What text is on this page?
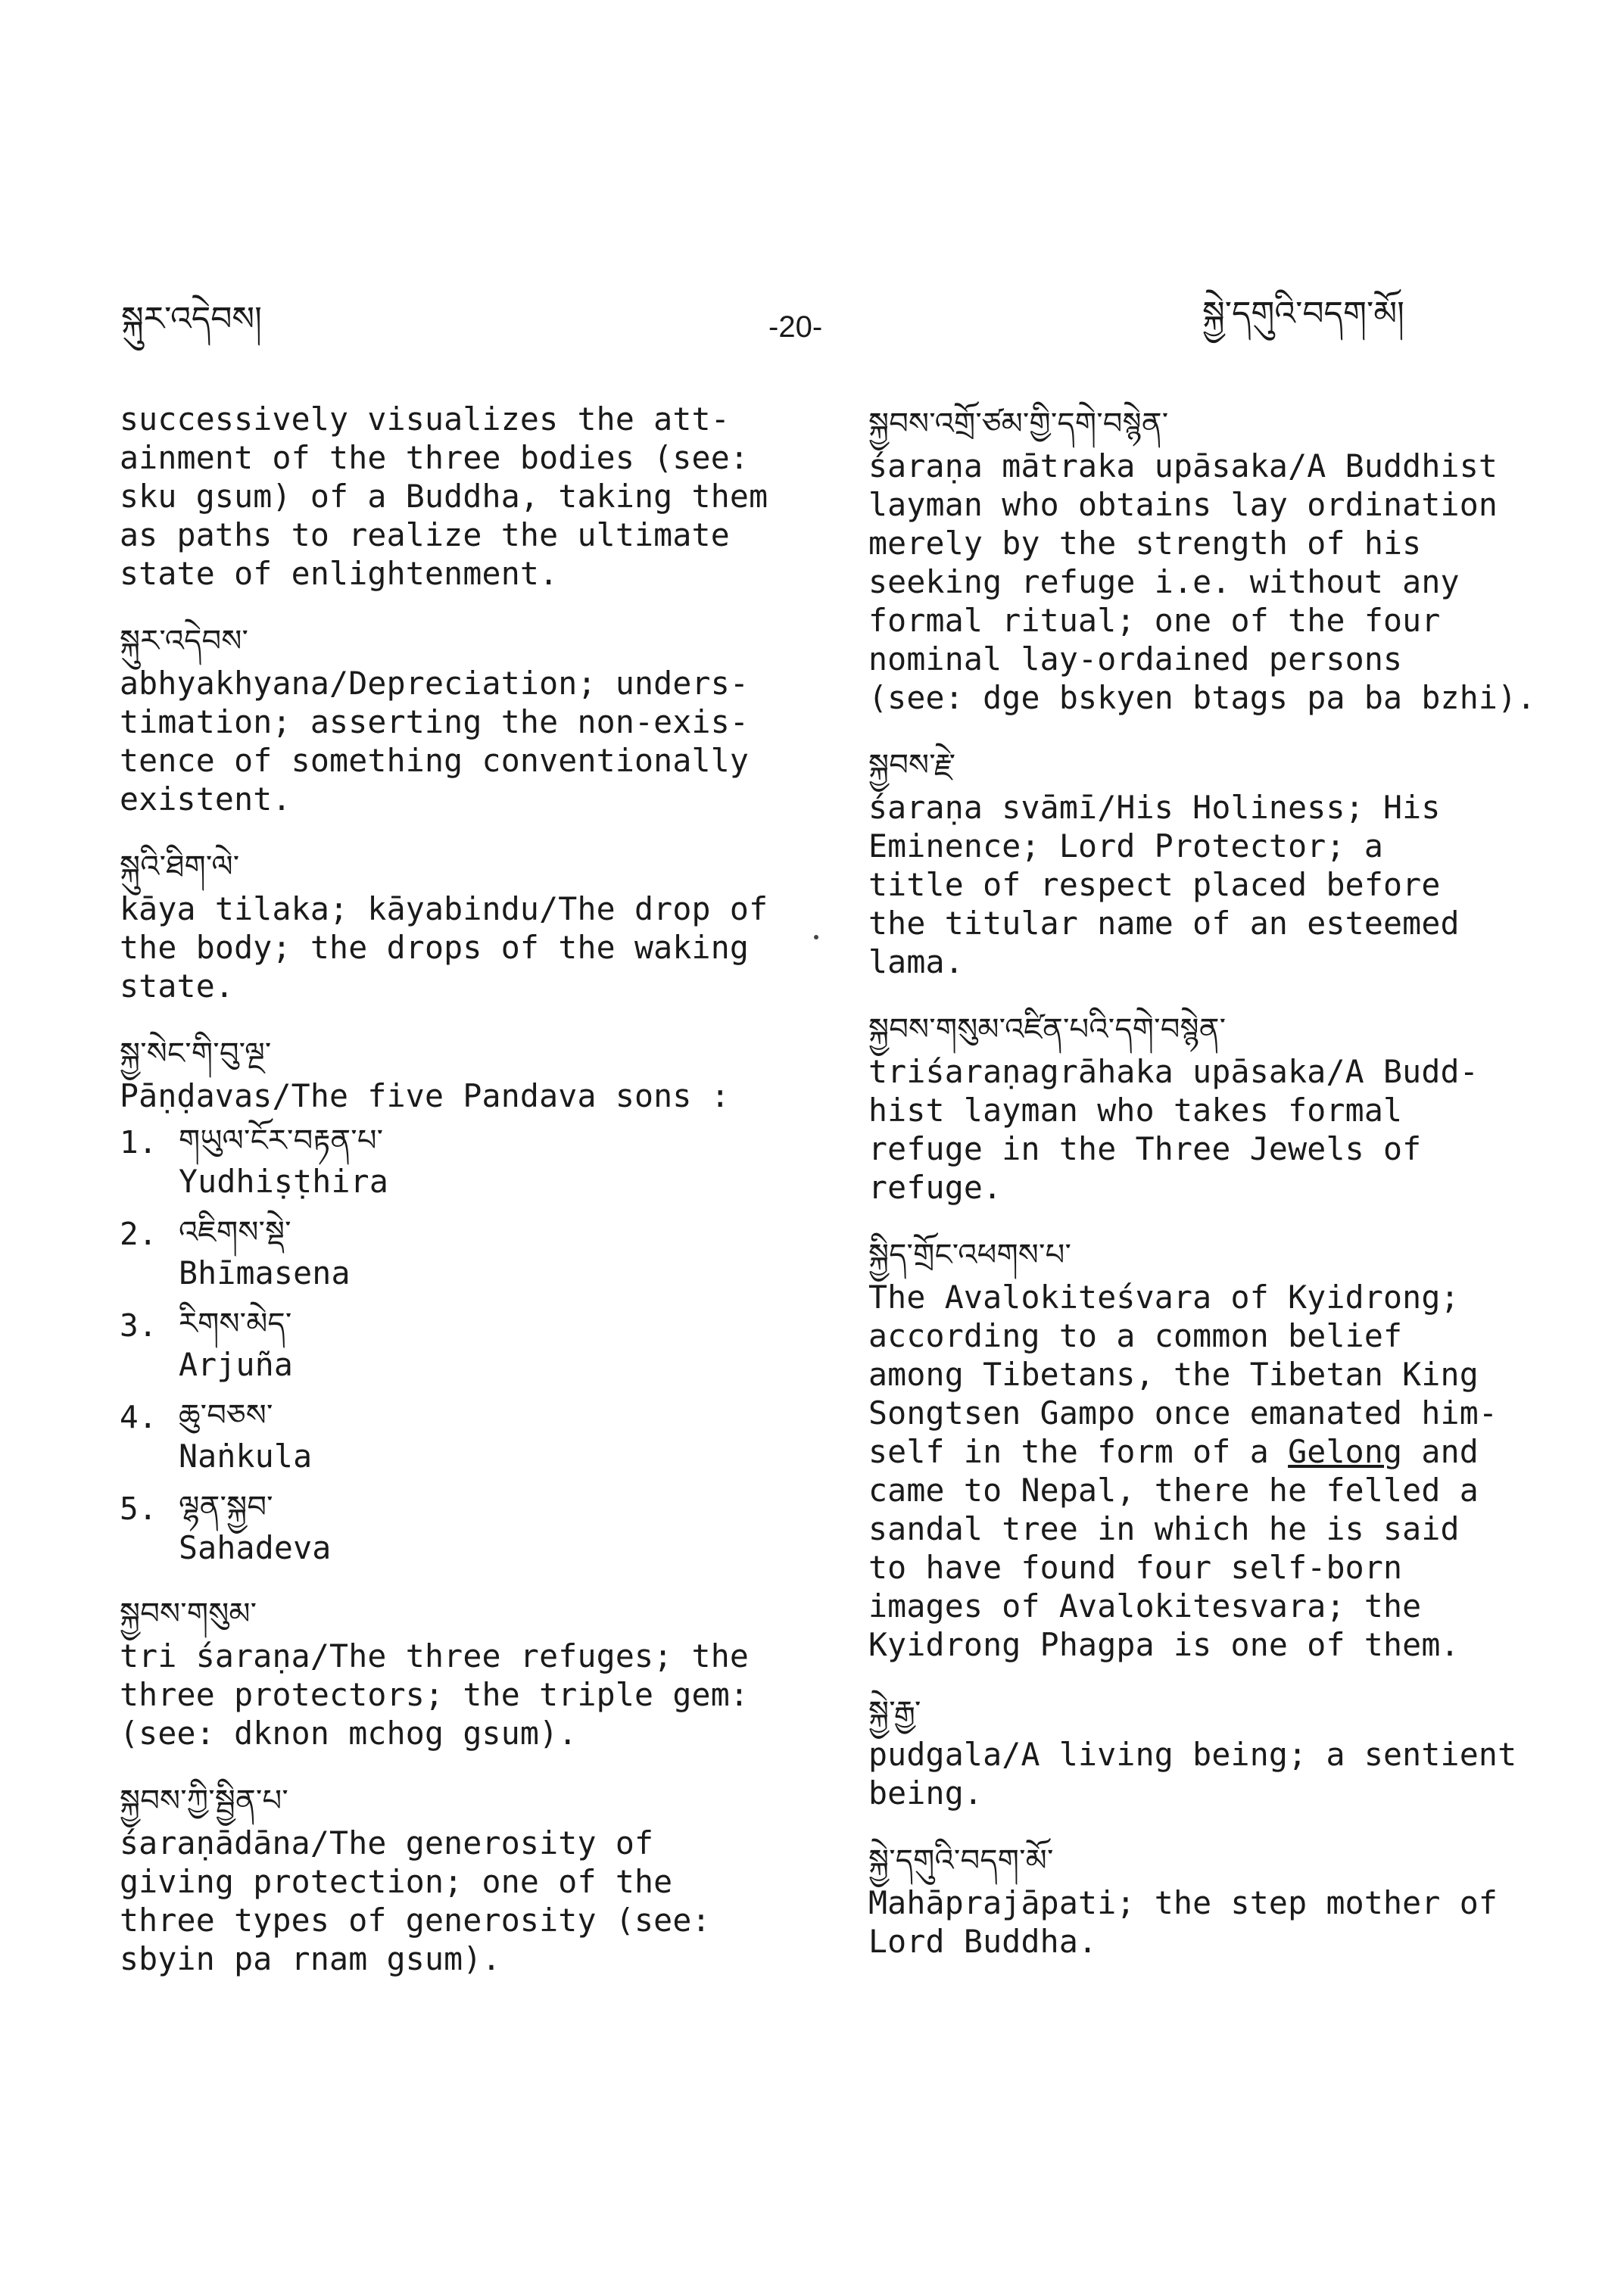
སྐུར་འདེབས།	-20-	སྐྱེ་དགུའི་བདག་མོ།
successively visualizes the att-
ainment of the three bodies (see:
sku gsum) of a Buddha, taking them
as paths to realize the ultimate
state of enlightenment.
སྐུར་འདེབས་
abhyakhyana/Depreciation; unders-
timation; asserting the non-exis-
tence of something conventionally
existent.
སྐུའི་ཐིག་ལེ་
kāya tilaka; kāyabindu/The drop of
the body; the drops of the waking
state.
སྐྱ་སེང་གི་བུ་ལྔ་
Pāṇḍavas/The five Pandava sons :
1. གཡུལ་ངོར་བརྟན་པ་
Yudhiṣṭhira
2. འཇིགས་སྡེ་
Bhīmasena
3. རིགས་མེད་
Arjuña
4. ཆུ་བཅས་
Naṅkula
5. ལྷན་སྐྱབ་
Sahadeva
སྐྱབས་གསུམ་
tri śaraṇa/The three refuges; the
three protectors; the triple gem:
(see: dknon mchog gsum).
སྐྱབས་ཀྱི་སྦྱིན་པ་
śaraṇādāna/The generosity of
giving protection; one of the
three types of generosity (see:
sbyin pa rnam gsum).
སྐྱབས་འགྲོ་ཙམ་གྱི་དགེ་བསྙེན་
śaraṇa mātraka upāsaka/A Buddhist
layman who obtains lay ordination
merely by the strength of his
seeking refuge i.e. without any
formal ritual; one of the four
nominal lay-ordained persons
(see: dge bskyen btags pa ba bzhi).
སྐྱབས་རྗེ་
śaraṇa svāmī/His Holiness; His
Eminence; Lord Protector; a
title of respect placed before
the titular name of an esteemed
lama.
སྐྱབས་གསུམ་འཛིན་པའི་དགེ་བསྙེན་
triśaraṇagrāhaka upāsaka/A Budd-
hist layman who takes formal
refuge in the Three Jewels of
refuge.
སྐྱིད་གྲོང་འཕགས་པ་
The Avalokiteśvara of Kyidrong;
according to a common belief
among Tibetans, the Tibetan King
Songtsen Gampo once emanated him-
self in the form of a Gelong and
came to Nepal, there he felled a
sandal tree in which he is said
to have found four self-born
images of Avalokitesvara; the
Kyidrong Phagpa is one of them.
སྐྱེ་རྒྱ་
pudgala/A living being; a sentient
being.
སྐྱེ་དགུའི་བདག་མོ་
Mahāprajāpati; the step mother of
Lord Buddha.
